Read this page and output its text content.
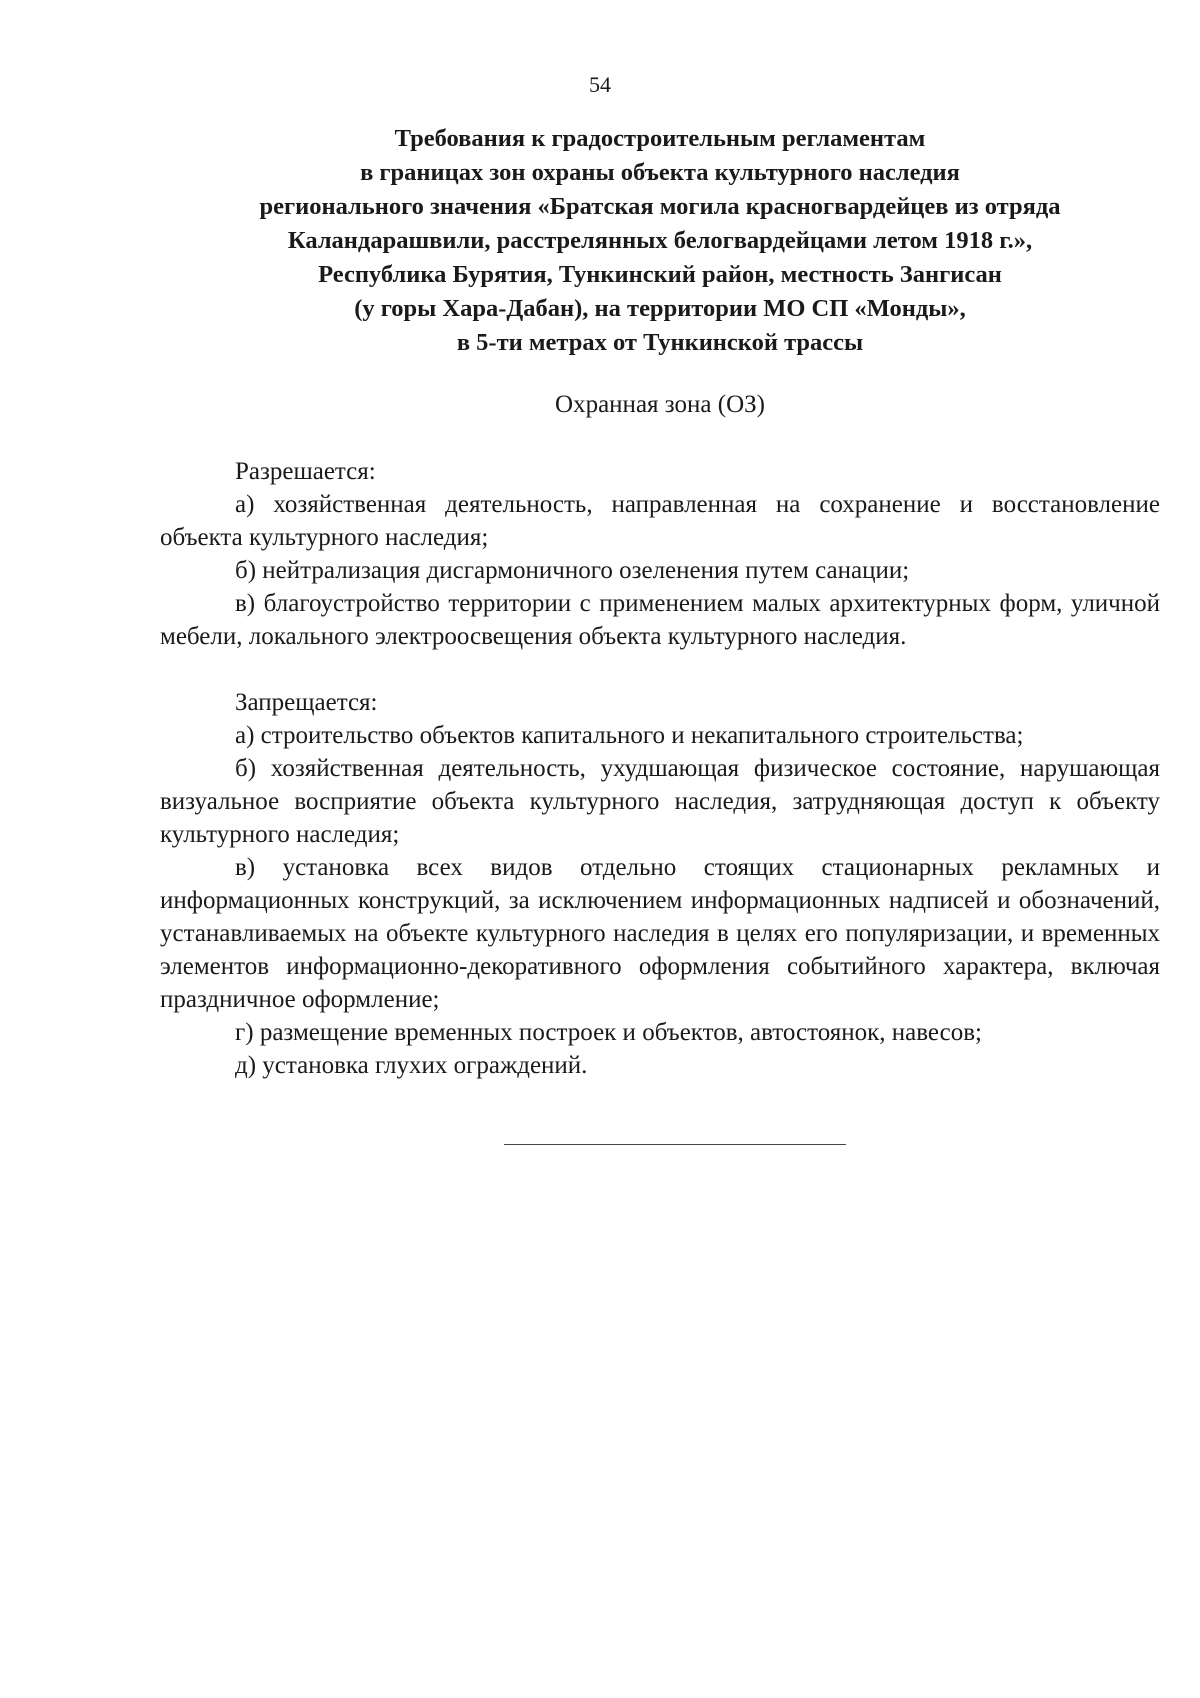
54
Требования к градостроительным регламентам
в границах зон охраны объекта культурного наследия
регионального значения «Братская могила красногвардейцев из отряда
Каландарашвили, расстрелянных белогвардейцами летом 1918 г.»,
Республика Бурятия, Тункинский район, местность Зангисан
(у горы Хара-Дабан), на территории МО СП «Монды»,
в 5-ти метрах от Тункинской трассы
Охранная зона (ОЗ)

Разрешается:

а) хозяйственная деятельность, направленная на сохранение и восстановление объекта культурного наследия;

б) нейтрализация дисгармоничного озеленения путем санации;

в) благоустройство территории с применением малых архитектурных форм, уличной мебели, локального электроосвещения объекта культурного наследия.

Запрещается:

а) строительство объектов капитального и некапитального строительства;

б) хозяйственная деятельность, ухудшающая физическое состояние, нарушающая визуальное восприятие объекта культурного наследия, затрудняющая доступ к объекту культурного наследия;

в) установка всех видов отдельно стоящих стационарных рекламных и информационных конструкций, за исключением информационных надписей и обозначений, устанавливаемых на объекте культурного наследия в целях его популяризации, и временных элементов информационно-декоративного оформления событийного характера, включая праздничное оформление;

г) размещение временных построек и объектов, автостоянок, навесов;

д) установка глухих ограждений.
